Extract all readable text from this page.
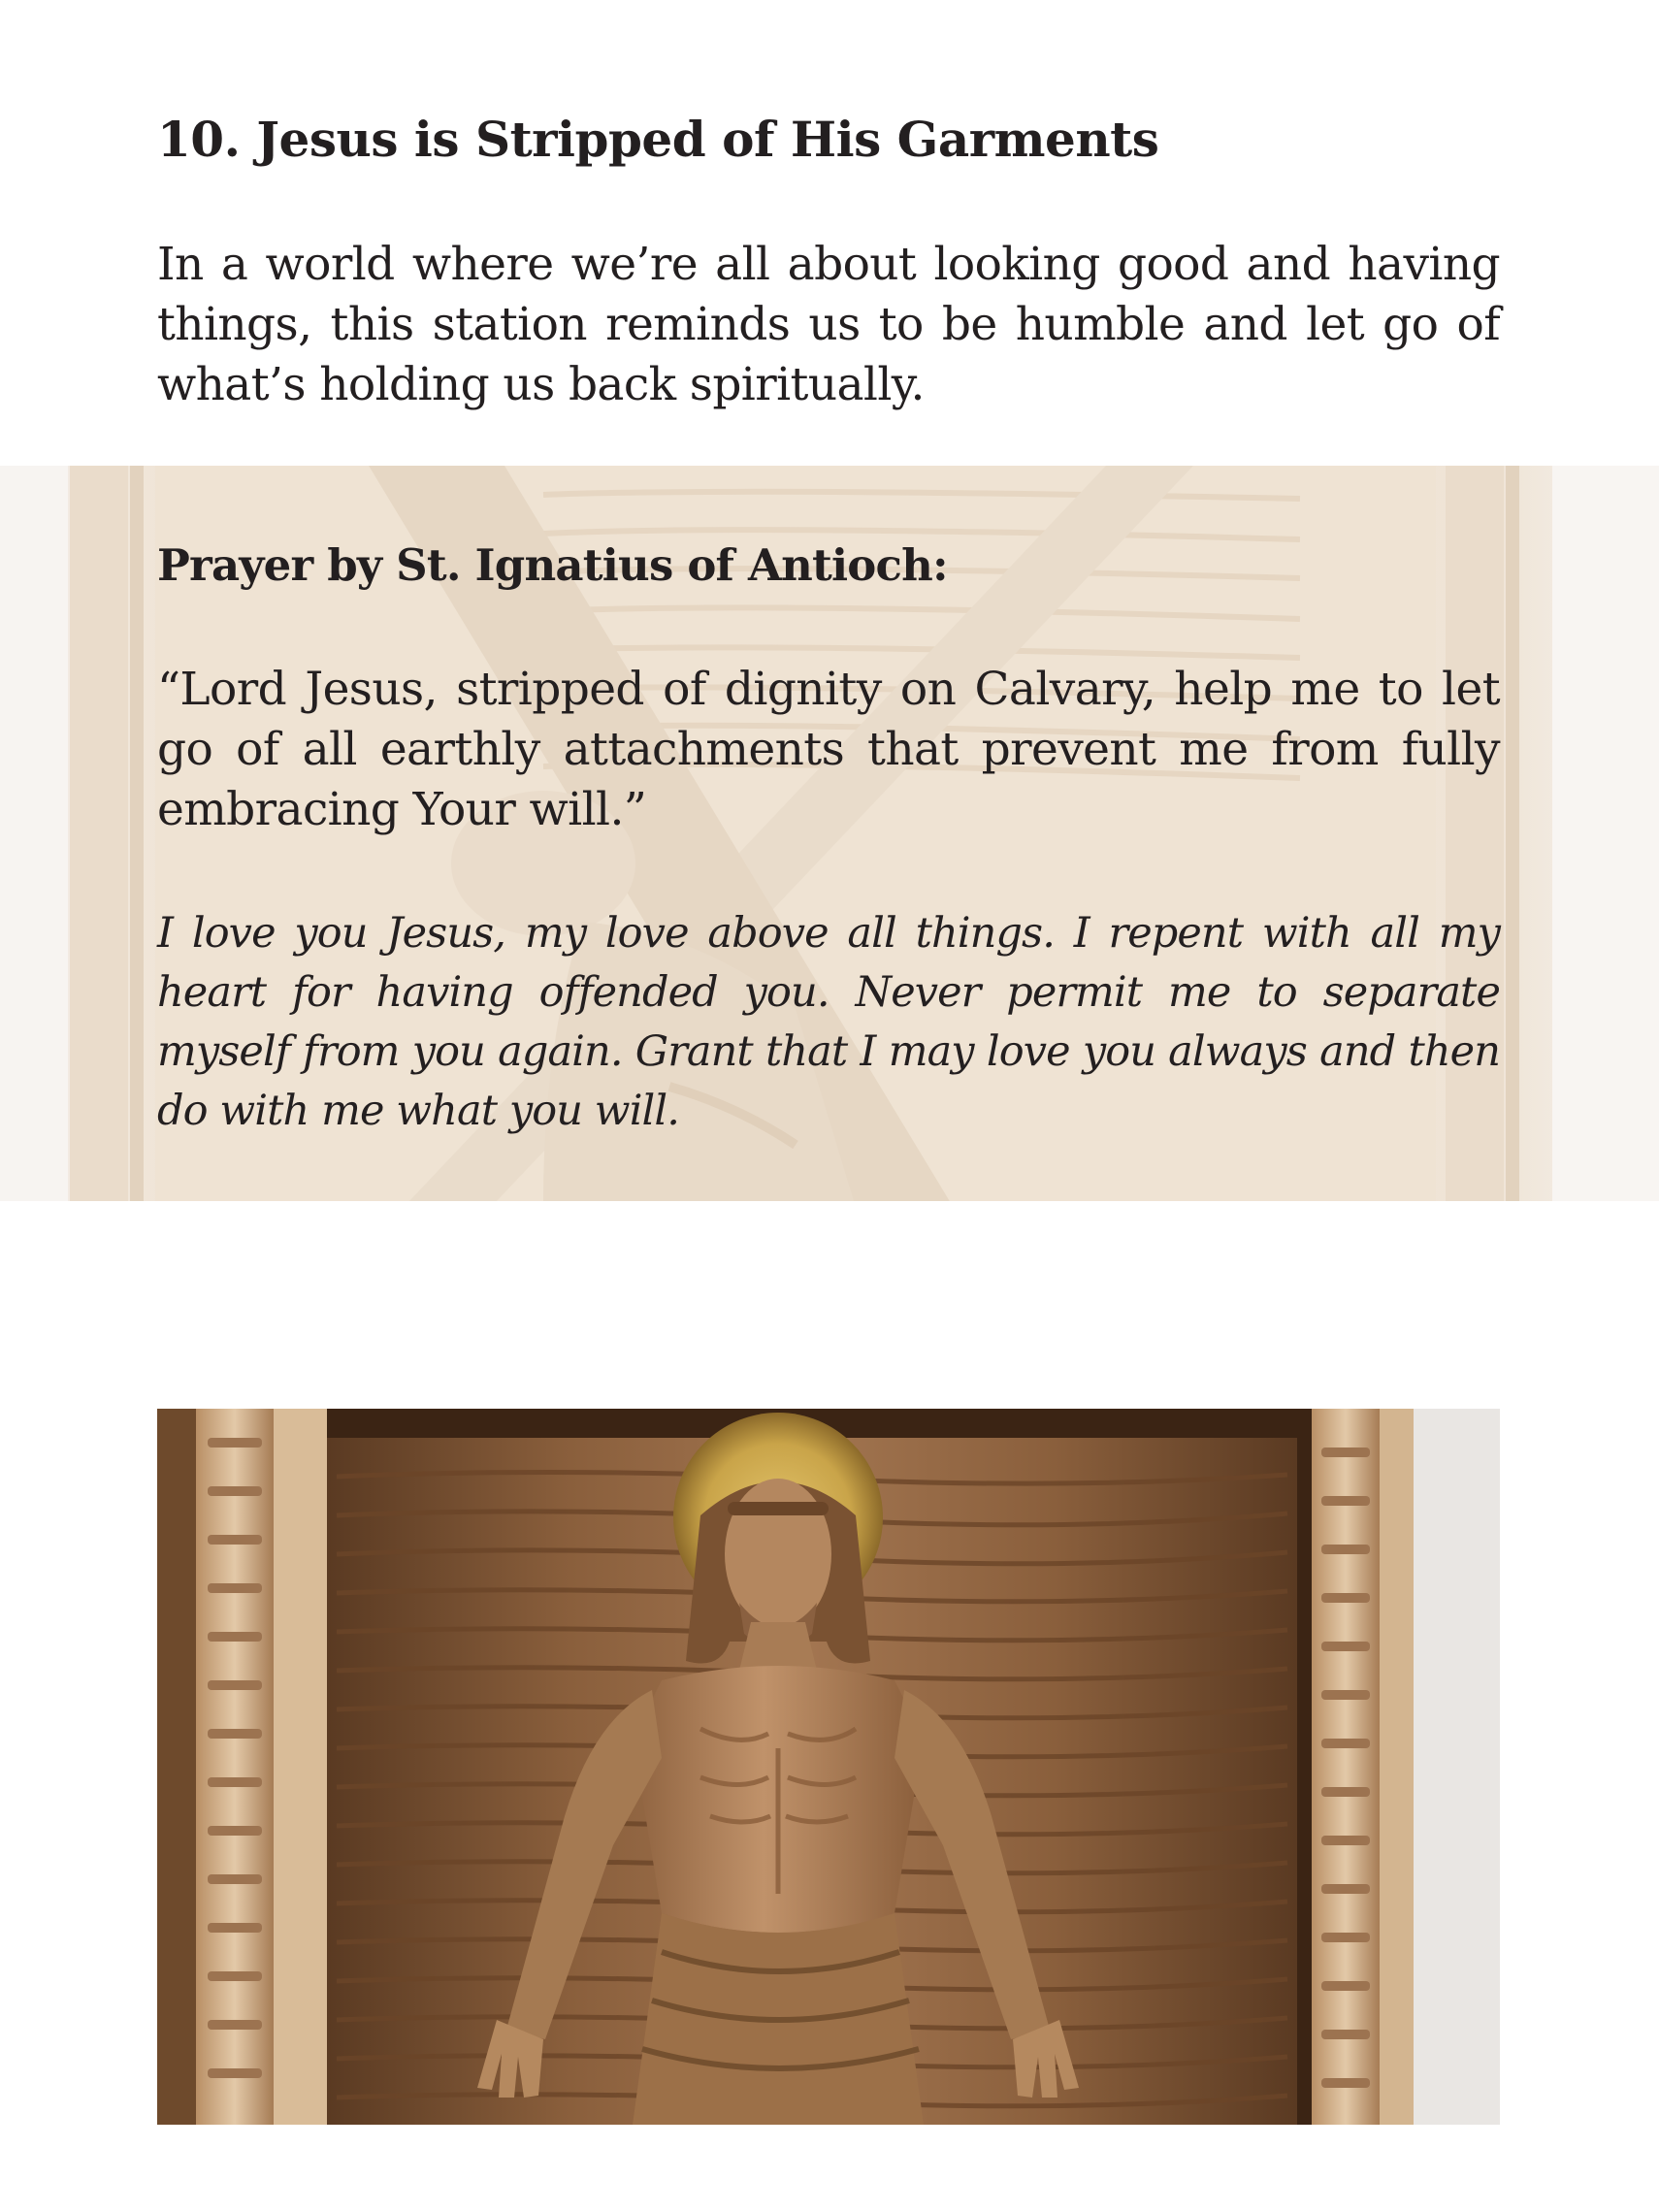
10. Jesus is Stripped of His Garments

In a world where we’re all about looking good and having things, this station reminds us to be humble and let go of what’s holding us back spiritually.

Prayer by St. Ignatius of Antioch:

“Lord Jesus, stripped of dignity on Calvary, help me to let go of all earthly attachments that prevent me from fully embracing Your will.”

I love you Jesus, my love above all things. I repent with all my heart for having offended you. Never permit me to separate myself from you again. Grant that I may love you always and then do with me what you will.
